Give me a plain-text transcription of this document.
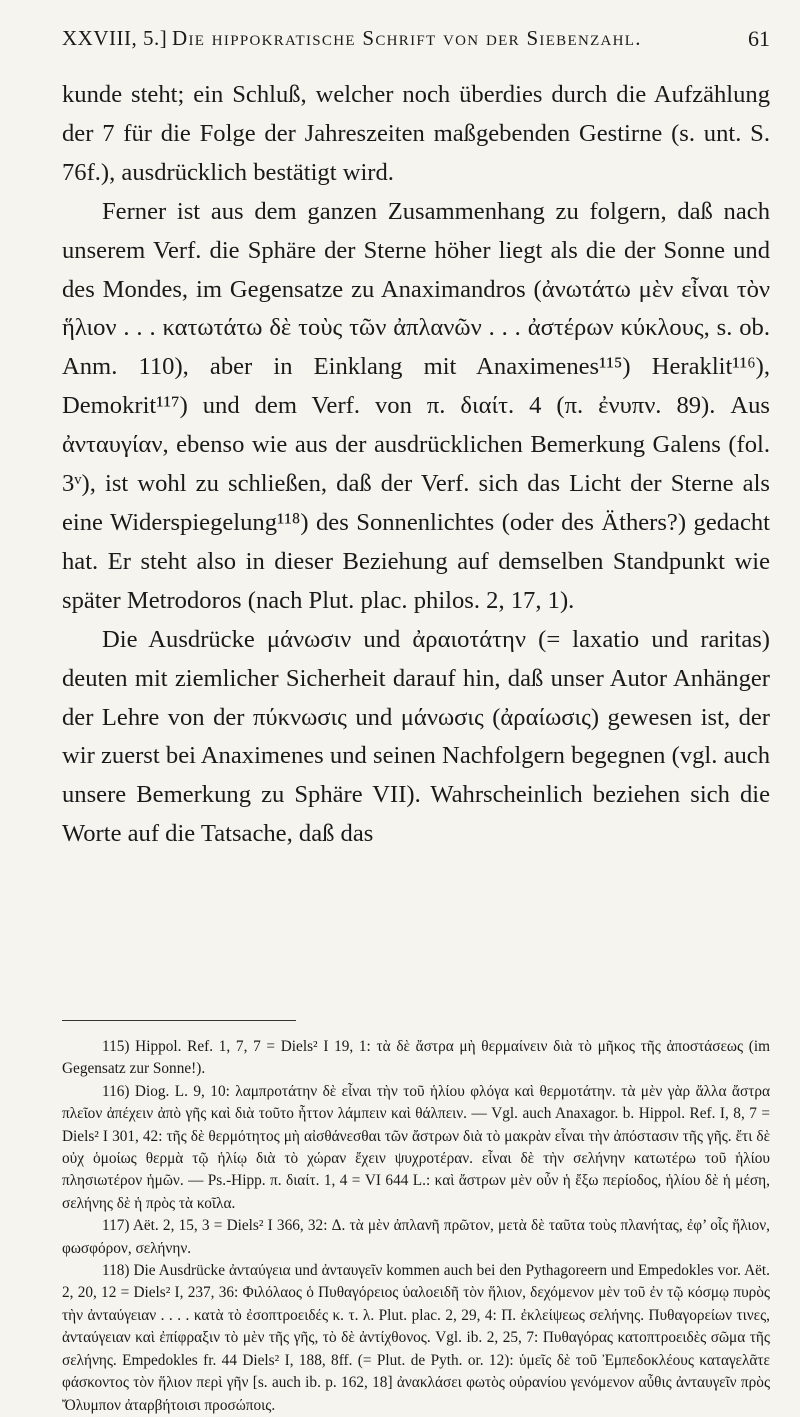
XXVIII, 5.] Die hippokratische Schrift von der Siebenzahl.	61

kunde steht; ein Schluß, welcher noch überdies durch die Aufzählung der 7 für die Folge der Jahreszeiten maßgebenden Gestirne (s. unt. S. 76f.), ausdrücklich bestätigt wird.

Ferner ist aus dem ganzen Zusammenhang zu folgern, daß nach unserem Verf. die Sphäre der Sterne höher liegt als die der Sonne und des Mondes, im Gegensatze zu Anaximandros (ἀνωτάτω μὲν εἶναι τὸν ἥλιον . . . κατωτάτω δὲ τοὺς τῶν ἀπλανῶν . . . ἀστέρων κύκλους, s. ob. Anm. 110), aber in Einklang mit Anaximenes¹¹⁵) Heraklit¹¹⁶), Demokrit¹¹⁷) und dem Verf. von π. διαίτ. 4 (π. ἐνυπν. 89). Aus ἀνταυγίαν, ebenso wie aus der ausdrücklichen Bemerkung Galens (fol. 3ᵛ), ist wohl zu schließen, daß der Verf. sich das Licht der Sterne als eine Widerspiegelung¹¹⁸) des Sonnenlichtes (oder des Äthers?) gedacht hat. Er steht also in dieser Beziehung auf demselben Standpunkt wie später Metrodoros (nach Plut. plac. philos. 2, 17, 1).

Die Ausdrücke μάνωσιν und ἀραιοτάτην (= laxatio und raritas) deuten mit ziemlicher Sicherheit darauf hin, daß unser Autor Anhänger der Lehre von der πύκνωσις und μάνωσις (ἀραίωσις) gewesen ist, der wir zuerst bei Anaximenes und seinen Nachfolgern begegnen (vgl. auch unsere Bemerkung zu Sphäre VII). Wahrscheinlich beziehen sich die Worte auf die Tatsache, daß das

115) Hippol. Ref. 1, 7, 7 = Diels² I 19, 1: τὰ δὲ ἄστρα μὴ θερμαίνειν διὰ τὸ μῆκος τῆς ἀποστάσεως (im Gegensatz zur Sonne!).

116) Diog. L. 9, 10: λαμπροτάτην δὲ εἶναι τὴν τοῦ ἡλίου φλόγα καὶ θερμοτάτην. τὰ μὲν γὰρ ἄλλα ἄστρα πλεῖον ἀπέχειν ἀπὸ γῆς καὶ διὰ τοῦτο ἧττον λάμπειν καὶ θάλπειν. — Vgl. auch Anaxagor. b. Hippol. Ref. I, 8, 7 = Diels² I 301, 42: τῆς δὲ θερμότητος μὴ αἰσθάνεσθαι τῶν ἄστρων διὰ τὸ μακρὰν εἶναι τὴν ἀπόστασιν τῆς γῆς. ἔτι δὲ οὐχ ὁμοίως θερμὰ τῷ ἡλίῳ διὰ τὸ χώραν ἔχειν ψυχροτέραν. εἶναι δὲ τὴν σελήνην κατωτέρω τοῦ ἡλίου πλησιωτέρον ἡμῶν. — Ps.-Hipp. π. διαίτ. 1, 4 = VI 644 L.: καὶ ἄστρων μὲν οὖν ἡ ἔξω περίοδος, ἡλίου δὲ ἡ μέση, σελήνης δὲ ἡ πρὸς τὰ κοῖλα.

117) Aët. 2, 15, 3 = Diels² I 366, 32: Δ. τὰ μὲν ἀπλανῆ πρῶτον, μετὰ δὲ ταῦτα τοὺς πλανήτας, ἐφ’ οἷς ἥλιον, φωσφόρον, σελήνην.

118) Die Ausdrücke ἀνταύγεια und ἀνταυγεῖν kommen auch bei den Pythagoreern und Empedokles vor. Aët. 2, 20, 12 = Diels² I, 237, 36: Φιλόλαος ὁ Πυθαγόρειος ὑαλοειδῆ τὸν ἥλιον, δεχόμενον μὲν τοῦ ἐν τῷ κόσμῳ πυρὸς τὴν ἀνταύγειαν . . . . κατὰ τὸ ἐσοπτροειδές κ. τ. λ. Plut. plac. 2, 29, 4: Π. ἐκλείψεως σελήνης. Πυθαγορείων τινες, ἀνταύγειαν καὶ ἐπίφραξιν τὸ μὲν τῆς γῆς, τὸ δὲ ἀντίχθονος. Vgl. ib. 2, 25, 7: Πυθαγόρας κατοπτροειδὲς σῶμα τῆς σελήνης. Empedokles fr. 44 Diels² I, 188, 8ff. (= Plut. de Pyth. or. 12): ὑμεῖς δὲ τοῦ Ἐμπεδοκλέους καταγελᾶτε φάσκοντος τὸν ἥλιον περὶ γῆν [s. auch ib. p. 162, 18] ἀνακλάσει φωτὸς οὐρανίου γενόμενον αὖθις ἀνταυγεῖν πρὸς Ὄλυμπον ἀταρβήτοισι προσώποις.
